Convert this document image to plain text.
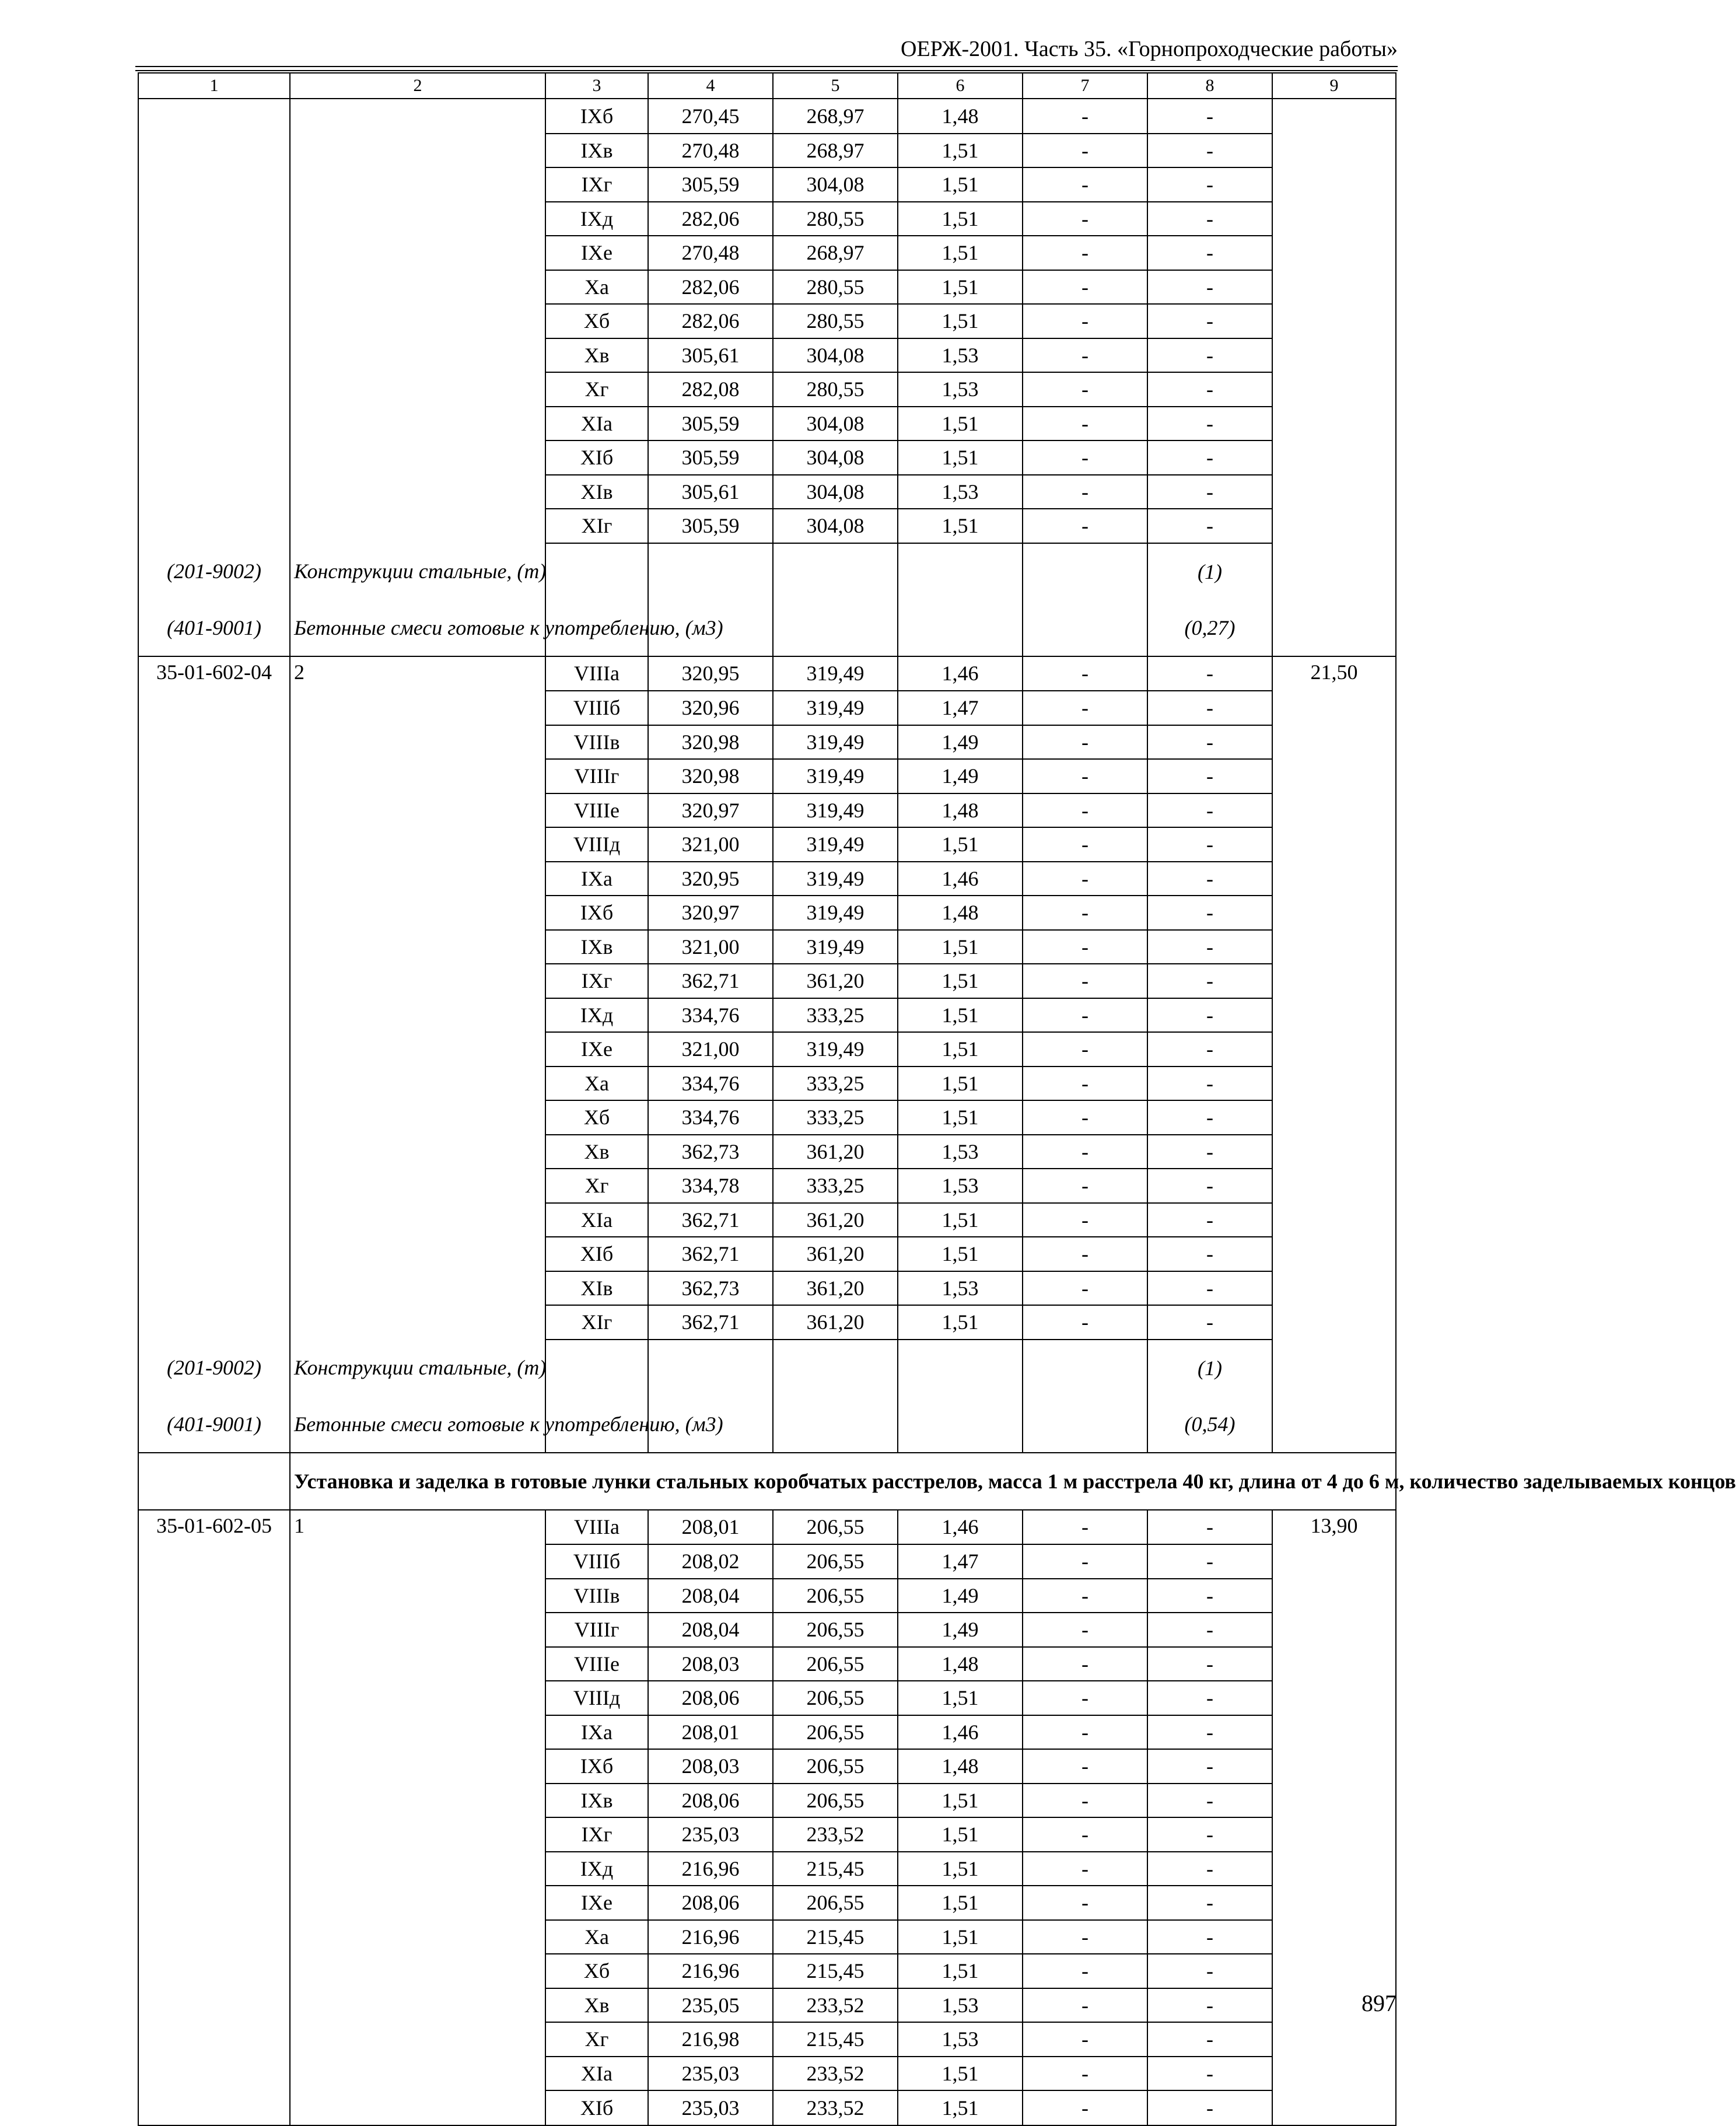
ОЕРЖ-2001. Часть 35. «Горнопроходческие работы»
1	2	3	4	5	6	7	8	9
		IXб	270,45	268,97	1,48	-	-	
		IXв	270,48	268,97	1,51	-	-	
		IXг	305,59	304,08	1,51	-	-	
		IXд	282,06	280,55	1,51	-	-	
		IXе	270,48	268,97	1,51	-	-	
		Xа	282,06	280,55	1,51	-	-	
		Xб	282,06	280,55	1,51	-	-	
		Xв	305,61	304,08	1,53	-	-	
		Xг	282,08	280,55	1,53	-	-	
		XIа	305,59	304,08	1,51	-	-	
		XIб	305,59	304,08	1,51	-	-	
		XIв	305,61	304,08	1,53	-	-	
		XIг	305,59	304,08	1,51	-	-	
(201-9002)	Конструкции стальные, (т)						(1)	
(401-9001)	Бетонные смеси готовые к употреблению, (м3)						(0,27)	
35-01-602-04	2	VIIIа	320,95	319,49	1,46	-	-	21,50
		VIIIб	320,96	319,49	1,47	-	-	
		VIIIв	320,98	319,49	1,49	-	-	
		VIIIг	320,98	319,49	1,49	-	-	
		VIIIе	320,97	319,49	1,48	-	-	
		VIIIд	321,00	319,49	1,51	-	-	
		IXа	320,95	319,49	1,46	-	-	
		IXб	320,97	319,49	1,48	-	-	
		IXв	321,00	319,49	1,51	-	-	
		IXг	362,71	361,20	1,51	-	-	
		IXд	334,76	333,25	1,51	-	-	
		IXе	321,00	319,49	1,51	-	-	
		Xа	334,76	333,25	1,51	-	-	
		Xб	334,76	333,25	1,51	-	-	
		Xв	362,73	361,20	1,53	-	-	
		Xг	334,78	333,25	1,53	-	-	
		XIа	362,71	361,20	1,51	-	-	
		XIб	362,71	361,20	1,51	-	-	
		XIв	362,73	361,20	1,53	-	-	
		XIг	362,71	361,20	1,51	-	-	
(201-9002)	Конструкции стальные, (т)						(1)	
(401-9001)	Бетонные смеси готовые к употреблению, (м3)						(0,54)	
	Установка и заделка в готовые лунки стальных коробчатых расстрелов, масса 1 м расстрела 40 кг, длина от 4 до 6 м, количество заделываемых концов							
35-01-602-05	1	VIIIа	208,01	206,55	1,46	-	-	13,90
		VIIIб	208,02	206,55	1,47	-	-	
		VIIIв	208,04	206,55	1,49	-	-	
		VIIIг	208,04	206,55	1,49	-	-	
		VIIIе	208,03	206,55	1,48	-	-	
		VIIIд	208,06	206,55	1,51	-	-	
		IXа	208,01	206,55	1,46	-	-	
		IXб	208,03	206,55	1,48	-	-	
		IXв	208,06	206,55	1,51	-	-	
		IXг	235,03	233,52	1,51	-	-	
		IXд	216,96	215,45	1,51	-	-	
		IXе	208,06	206,55	1,51	-	-	
		Xа	216,96	215,45	1,51	-	-	
		Xб	216,96	215,45	1,51	-	-	
		Xв	235,05	233,52	1,53	-	-	
		Xг	216,98	215,45	1,53	-	-	
		XIа	235,03	233,52	1,51	-	-	
		XIб	235,03	233,52	1,51	-	-	
897
